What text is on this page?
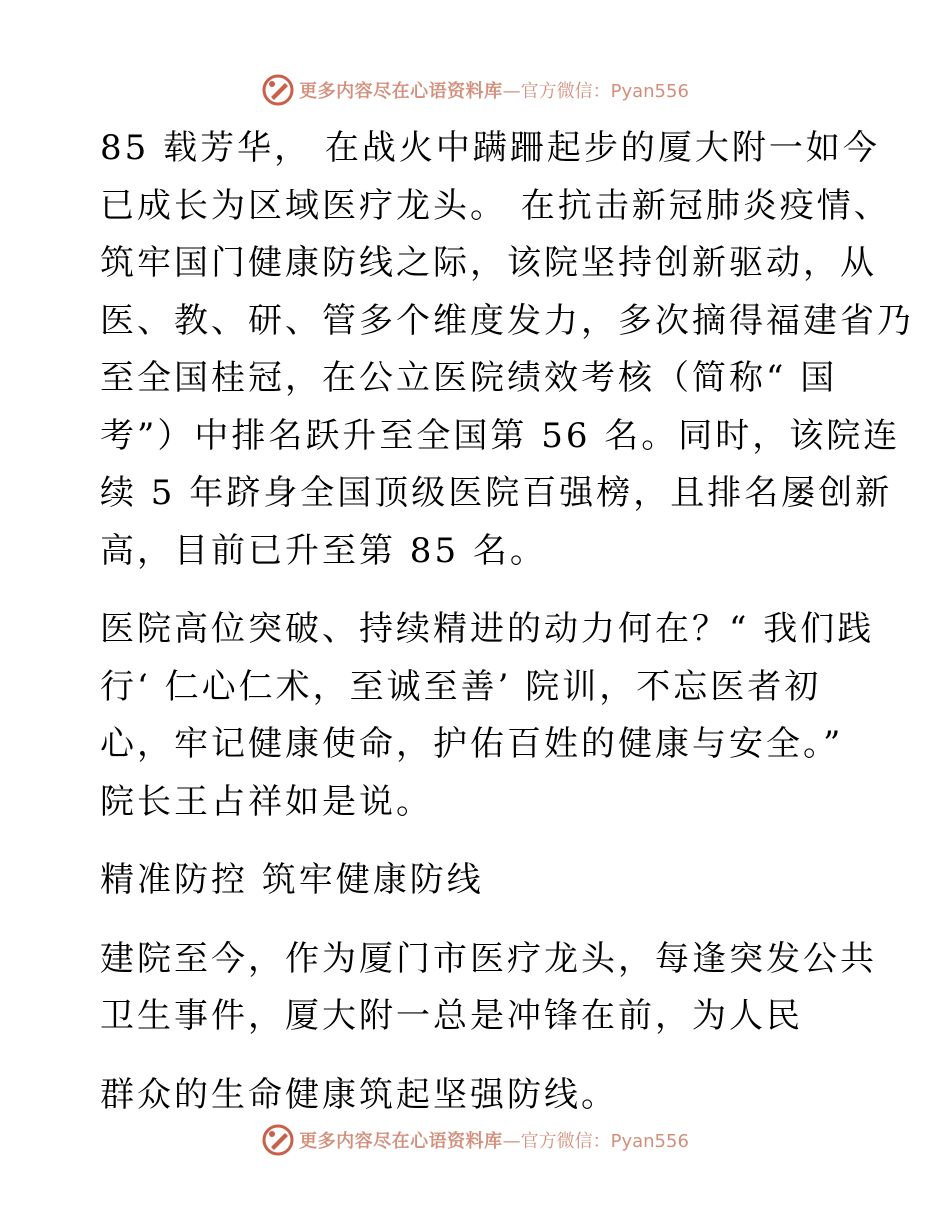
更多内容尽在心语资料库 —官方微信：Pyan556

85 载芳华， 在战火中蹒跚起步的厦大附一如今
已成长为区域医疗龙头。 在抗击新冠肺炎疫情、
筑牢国门健康防线之际，该院坚持创新驱动，从
医、教、研、管多个维度发力，多次摘得福建省乃
至全国桂冠，在公立医院绩效考核（简称“ 国
考”）中排名跃升至全国第 56 名。同时，该院连
续 5 年跻身全国顶级医院百强榜，且排名屡创新
高，目前已升至第 85 名。

医院高位突破、持续精进的动力何在？“ 我们践
行‘ 仁心仁术，至诚至善’ 院训，不忘医者初
心，牢记健康使命，护佑百姓的健康与安全。”
院长王占祥如是说。

精准防控 筑牢健康防线

建院至今，作为厦门市医疗龙头，每逢突发公共
卫生事件，厦大附一总是冲锋在前，为人民

群众的生命健康筑起坚强防线。

更多内容尽在心语资料库 —官方微信：Pyan556
